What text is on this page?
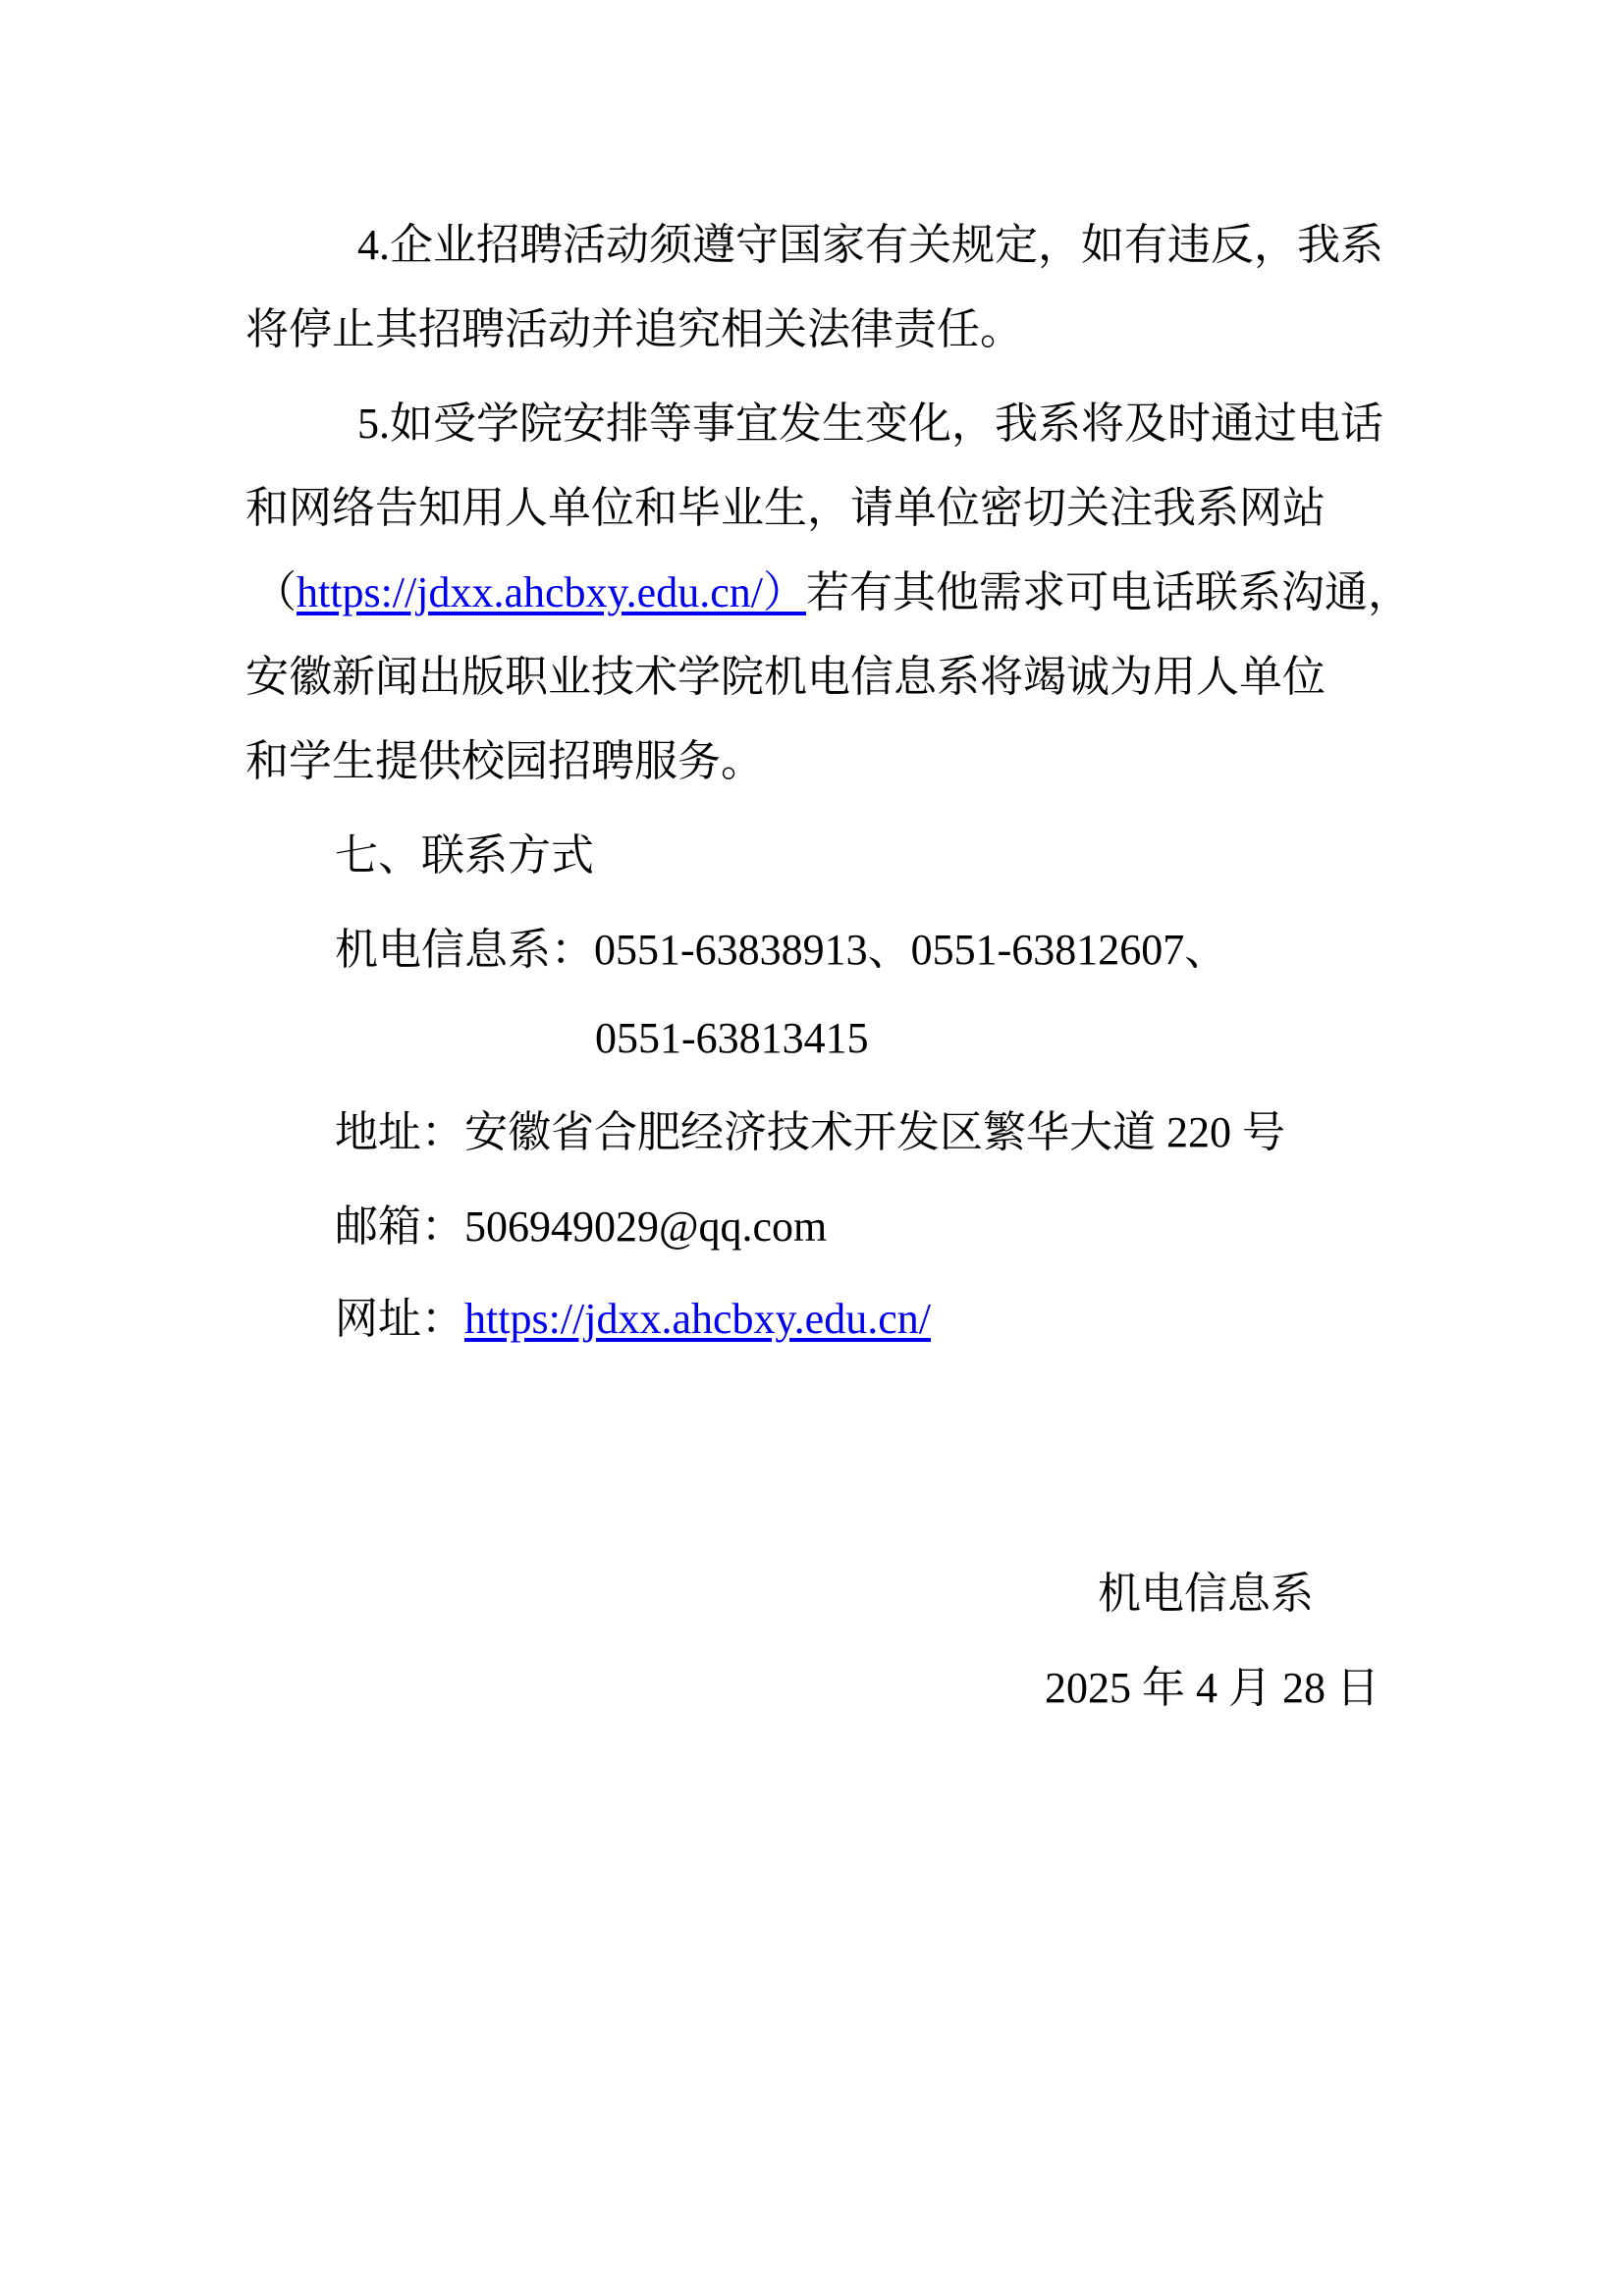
4.企业招聘活动须遵守国家有关规定，如有违反，我系
将停止其招聘活动并追究相关法律责任。
5.如受学院安排等事宜发生变化，我系将及时通过电话
和网络告知用人单位和毕业生，请单位密切关注我系网站
（https://jdxx.ahcbxy.edu.cn/）若有其他需求可电话联系沟通，
安徽新闻出版职业技术学院机电信息系将竭诚为用人单位
和学生提供校园招聘服务。
七、联系方式
机电信息系：0551-63838913、0551-63812607、
0551-63813415
地址：安徽省合肥经济技术开发区繁华大道 220 号
邮箱：506949029@qq.com
网址：https://jdxx.ahcbxy.edu.cn/
机电信息系
2025 年 4 月 28 日
